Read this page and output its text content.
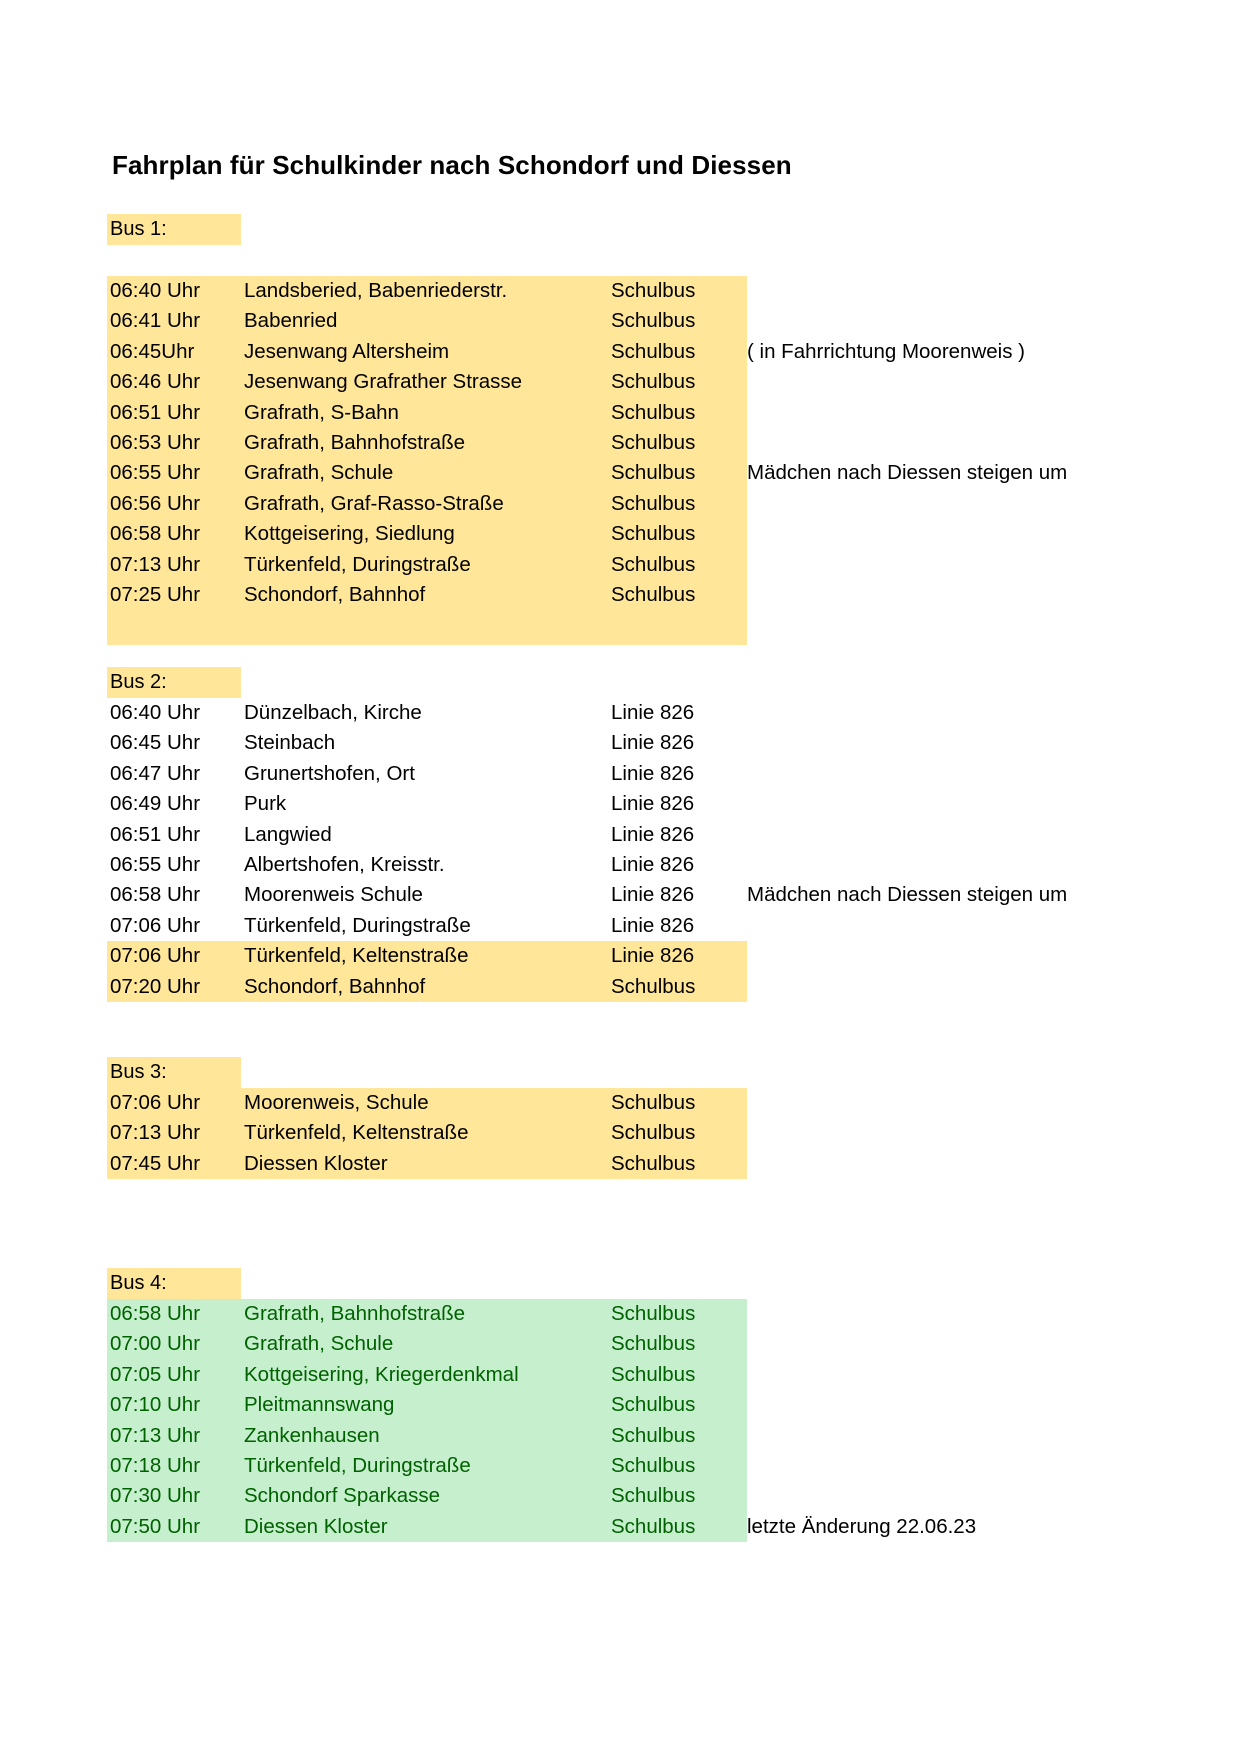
Fahrplan für Schulkinder nach Schondorf und Diessen
Bus 1:
06:40 Uhr Landsberied, Babenriederstr.	Schulbus
06:41 Uhr Babenried	Schulbus
06:45Uhr Jesenwang Altersheim	Schulbus	( in Fahrrichtung Moorenweis )
06:46 Uhr Jesenwang Grafrather Strasse	Schulbus
06:51 Uhr Grafrath, S-Bahn	Schulbus
06:53 Uhr Grafrath, Bahnhofstraße	Schulbus
06:55 Uhr Grafrath, Schule	Schulbus	Mädchen nach Diessen steigen um
06:56 Uhr Grafrath, Graf-Rasso-Straße	Schulbus
06:58 Uhr Kottgeisering, Siedlung	Schulbus
07:13 Uhr Türkenfeld, Duringstraße	Schulbus
07:25 Uhr Schondorf, Bahnhof	Schulbus
Bus 2:
06:40 Uhr Dünzelbach, Kirche	Linie 826
06:45 Uhr Steinbach	Linie 826
06:47 Uhr Grunertshofen, Ort	Linie 826
06:49 Uhr Purk	Linie 826
06:51 Uhr Langwied	Linie 826
06:55 Uhr Albertshofen, Kreisstr.	Linie 826
06:58 Uhr Moorenweis Schule	Linie 826	Mädchen nach Diessen steigen um
07:06 Uhr Türkenfeld, Duringstraße	Linie 826
07:06 Uhr Türkenfeld, Keltenstraße	Linie 826
07:20 Uhr Schondorf, Bahnhof	Schulbus
Bus 3:
07:06 Uhr Moorenweis, Schule	Schulbus
07:13 Uhr Türkenfeld, Keltenstraße	Schulbus
07:45 Uhr Diessen Kloster	Schulbus
Bus 4:
06:58 Uhr Grafrath, Bahnhofstraße	Schulbus
07:00 Uhr Grafrath, Schule	Schulbus
07:05 Uhr Kottgeisering, Kriegerdenkmal	Schulbus
07:10 Uhr Pleitmannswang	Schulbus
07:13 Uhr Zankenhausen	Schulbus
07:18 Uhr Türkenfeld, Duringstraße	Schulbus
07:30 Uhr Schondorf Sparkasse	Schulbus
07:50 Uhr Diessen Kloster	Schulbus	letzte Änderung 22.06.23
